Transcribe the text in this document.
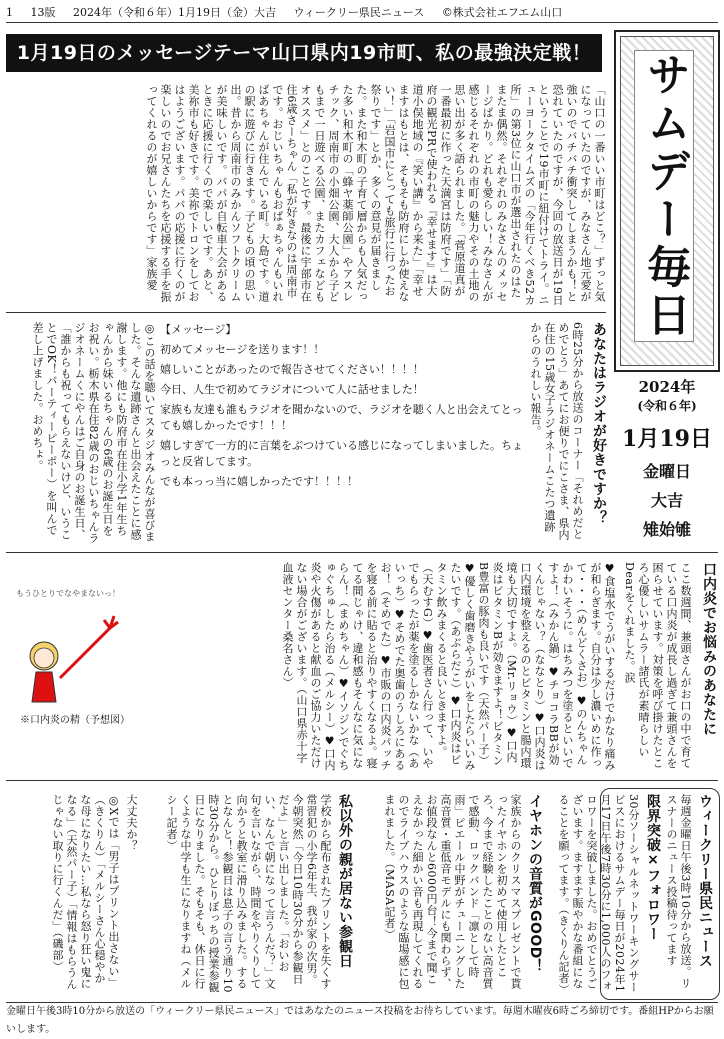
1 13版 2024年（令和６年）1月19日（金）大吉 ウィークリー県民ニュース ©株式会社エフエム山口
1月19日のメッセージテーマ山口県内19市町、私の最強決定戦！ サムデー毎日
2024年
(令和６年)
1月19日
金曜日
大吉
雉始雊
「山口の一番いい市町はどこ？」ずっと気になっていたのですが、みなさん地元愛が強いのでバチバチ衝突してしまうかも！と恐れていたのですが、今回の放送日が19日ということで19市町に紐付けてトライ。ニューヨークタイムズの「今年行くべき52カ所」の第3位に山口市が選出されたのはたまたま偶然。それぞれのみなさんのメッセージばかり。どれも愛らしい！みなさんが感じるそれぞれの市町の魅力やその土地の思い出が多く語られました。「菅原道真が一番最初に作った天満宮は防府です」「防府の観光PRで使われる『幸せます』は大道小俣地域の『笑い講』から来た」「幸せますはもとは、そもそも防府にしか使えない！」「岩国市にとっても旅行に行ったお祭りです」とか、多くの意見が届きました。また和木町の子育て層からも人気だった多い和木町の「蜂ヤ薬師公園」やアスレチック、周南市の小畑公園、大人から子どもまで一日遊べる公園、またカフェなどもオススメ」とのことです。最後に宇部市在住6歳さーちゃん「私が好きなのは周南市です。おじいちゃんもおばぁちゃんもいればあちゃんが住んでいる町。大島です。道の駅に遊びに行きます。子どもの頃の思い出。昔から周南市のみかんソフトクリームが美味しいです。パパが自転車大会があるときに応援に行くので楽しいです。あと、美祢市も好きです。美祢でトロンをしておはようございます。パパの応援に行くのが楽しいのでお兄さんたちを応援する手を振ってくれるのが嬉しいからです」家族愛
あなたはラジオが好きですか？
6時25分から放送のコーナー「それめだとめでとう」あてにお便りでにこさま、県内在住の15歳女子ラジオネームこたつ遺跡からのうれしい報告。

【メッセージ】

初めてメッセージを送ります！！

嬉しいことがあったので報告させてください！！！！

今日、人生で初めてラジオについて人に話せました！

家族も友達も誰もラジオを聞かないので、ラジオを聴く人と出会えてとっても嬉しかったです！！！

嬉しすぎて一方的に言葉をぶつけている感じになってしまいました。ちょっと反省してます。

でも本っっ当に嬉しかったです！！！！

◎この話を聴いてスタジオみんなが喜びました。そんな遺跡さんと出会えたことに感謝します。他にも防府市在住小学1年生ちゃんから妹いるちゃんの6歳のお誕生日をお祝い。栃木県在住82歳のおじいちゃんラジオネームくにやんはご自身のお誕生日、「誰からも祝ってもらえないけど、いうことでOK！パーティーピーポー）を叫んで差し上げました。おめちょ。
口内炎でお悩みのあなたに
ここ数週間、兼頭さんがお口の中で育てている口内炎が成長し過ぎて兼頭さんを困らせています。対策を呼び掛けたところ心優しいサムラー諸氏が素晴らしいDearをくれました。涙
♥食塩水でうがいするだけでかなり痛みが和らぎます。自分は少し濃いめに作って・・・（めんどくさお）♥のんちゃんかわいそうに。はちみつを塗るといいですよ！（みかん鍋）♥チョコラBBが効くんじゃない？（ななとり）♥口内炎は口内環境を整えるのとビタミンと腸内環境も大切ですよ。（Mr.リョウ）♥口内炎はビタミンBが効きますよ！ビタミンB豊富の豚肉も良いです（天然パー子）♥優しく歯磨きやうがいをしたらいいみたいです。（あぶらだこ）♥口内炎はビタミン飲みまくると良いときますよ。（天むすG）♥歯医者さん行って、いやでもらったが薬を塗るしかないかな（あいっち）♥そめでた奥歯のうしろにあるお！（そめでた）♥市販の口内炎パッチを寝る前に貼ると治りやすくなるよ。寝てる間じゃけ、違和感もそんなに気にならん！（まめちゃん）♥イソジンでぐちゅぐちゅしたら治る（メルシー）♥口内炎や火傷があると献血のご協力いただけない場合がございます。（山口県赤十字血液センター桑名さん）
もうひとりでなやまないっ！
※口内炎の精（予想図）
ウィークリー県民ニュース
毎週金曜日午後3時10分から放送。リスナーのニュース投稿待ってます
限界突破×フォロワー
30分ソーシャルネットワーキングサービスにおけるサムデー毎日が2024年1月17日午後7時30分に1,000人のフォロワーを突破しました。おめでとうございます。ますます賑やかな番組になることを願ってます。（きくりん記者）
イヤホンの音質がGOOD！
家族からのクリスマスプレゼントで貰ったイヤホンを初めて使用したところ、今まで経験したことのない高音質で感動、ロックバンド「凛として時雨」ピエール中野がチューニングした高音質・重低音モデルにも関わらず、お値段なんと6000円台！今まで聞こえなかった細かい音も再現してくれるのでライブハウスのような臨場感に包まれました。（MASA記者）
私以外の親が居ない参観日
学校から配布されたプリントを失くす常習犯の小学6年生、我が家の次男。今朝突然「今日10時30分から参観日だよ」と言い出しました。「おいおい、なんで朝になって言うんだ？」文句を言いながら、時間をやりくりして向かうと教室に滑り込みました。するとなんと！参観日は息子の言う通り10時30分から。ひとりぼっちの授業参観日になりました。そもそも、休日に行くような中学も生になりますね（メルシー記者）
大丈夫か？
◎Xでは「男子はプリント出さない」（きくりん）「メルシーさん心穏やかな母になりたい…私なら怒り狂い鬼になる」（天然パー子）「情報はもらうんじゃない取りに行くんだ」（磯部）
金曜日午後3時10分から放送の「ウィークリー県民ニュース」ではあなたのニュース投稿をお待ちしています。毎週木曜夜6時ごろ締切です。番組HPからお願いします。
